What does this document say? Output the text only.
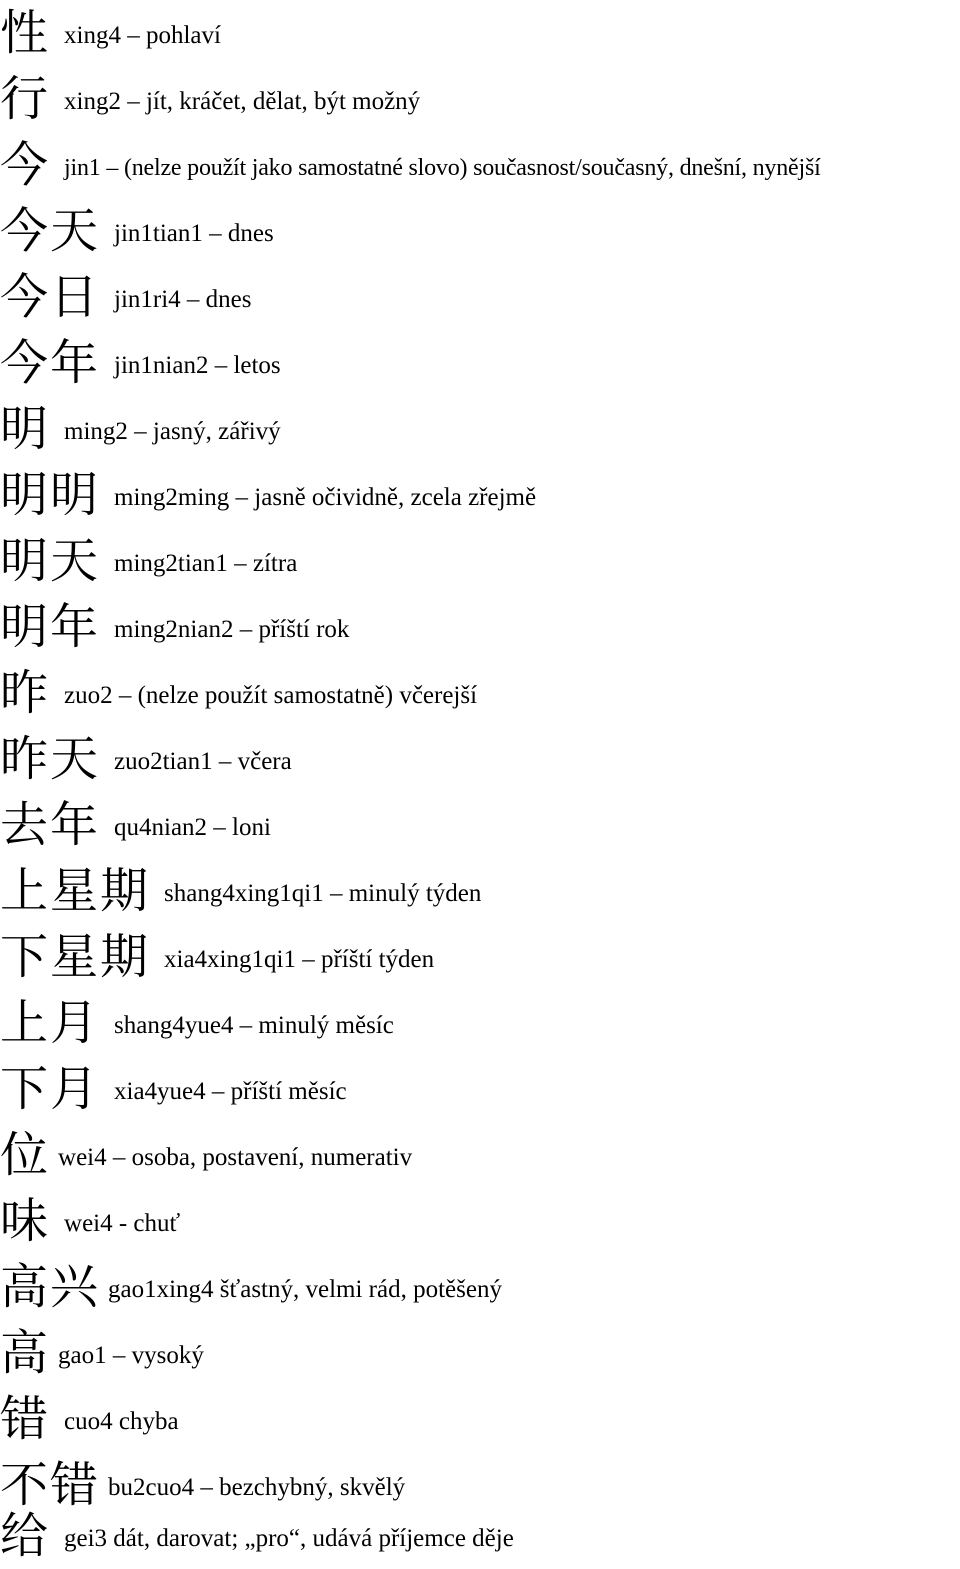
性 xing4 – pohlaví
行 xing2 – jít, kráčet, dělat, být možný
今 jin1 – (nelze použít jako samostatné slovo) současnost/současný, dnešní, nynější
今天 jin1tian1 – dnes
今日 jin1ri4 – dnes
今年 jin1nian2 – letos
明 ming2 – jasný, zářivý
明明 ming2ming – jasně očividně, zcela zřejmě
明天 ming2tian1 – zítra
明年 ming2nian2 – příští rok
昨 zuo2 – (nelze použít samostatně) včerejší
昨天 zuo2tian1 – včera
去年 qu4nian2 – loni
上星期 shang4xing1qi1 – minulý týden
下星期 xia4xing1qi1 – příští týden
上月 shang4yue4 – minulý měsíc
下月 xia4yue4 – příští měsíc
位 wei4 – osoba, postavení, numerativ
味 wei4 - chuť
高兴 gao1xing4 šťastný, velmi rád, potěšený
高 gao1 – vysoký
错 cuo4 chyba
不错 bu2cuo4 – bezchybný, skvělý
给 gei3 dát, darovat; „pro“, udává příjemce děje
